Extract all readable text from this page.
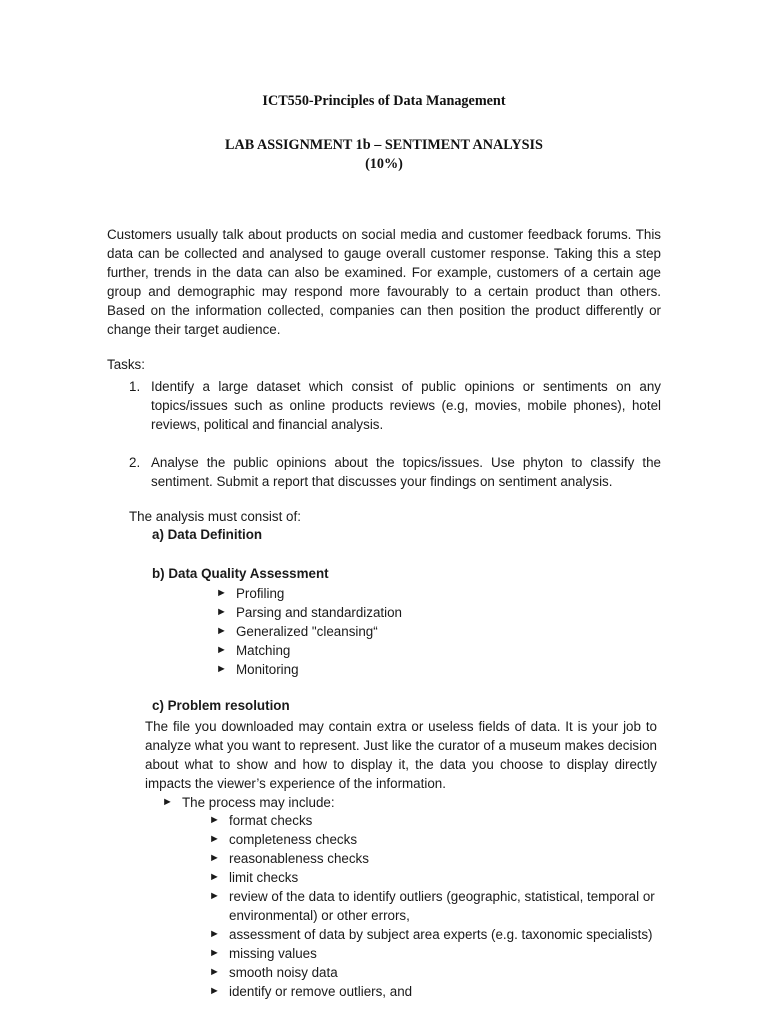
ICT550-Principles of Data Management
LAB ASSIGNMENT 1b – SENTIMENT ANALYSIS
(10%)

Customers usually talk about products on social media and customer feedback forums. This data can be collected and analysed to gauge overall customer response. Taking this a step further, trends in the data can also be examined. For example, customers of a certain age group and demographic may respond more favourably to a certain product than others. Based on the information collected, companies can then position the product differently or change their target audience.

Tasks:

1. Identify a large dataset which consist of public opinions or sentiments on any topics/issues such as online products reviews (e.g, movies, mobile phones), hotel reviews, political and financial analysis.
2. Analyse the public opinions about the topics/issues. Use phyton to classify the sentiment. Submit a report that discusses your findings on sentiment analysis.

The analysis must consist of:

a) Data Definition

b) Data Quality Assessment

► Profiling
► Parsing and standardization
► Generalized "cleansing“
► Matching
► Monitoring

c) Problem resolution

The file you downloaded may contain extra or useless fields of data. It is your job to analyze what you want to represent. Just like the curator of a museum makes decision about what to show and how to display it, the data you choose to display directly impacts the viewer’s experience of the information.

► The process may include:
► format checks
► completeness checks
► reasonableness checks
► limit checks
► review of the data to identify outliers (geographic, statistical, temporal or environmental) or other errors,
► assessment of data by subject area experts (e.g. taxonomic specialists)
► missing values
► smooth noisy data
► identify or remove outliers, and
